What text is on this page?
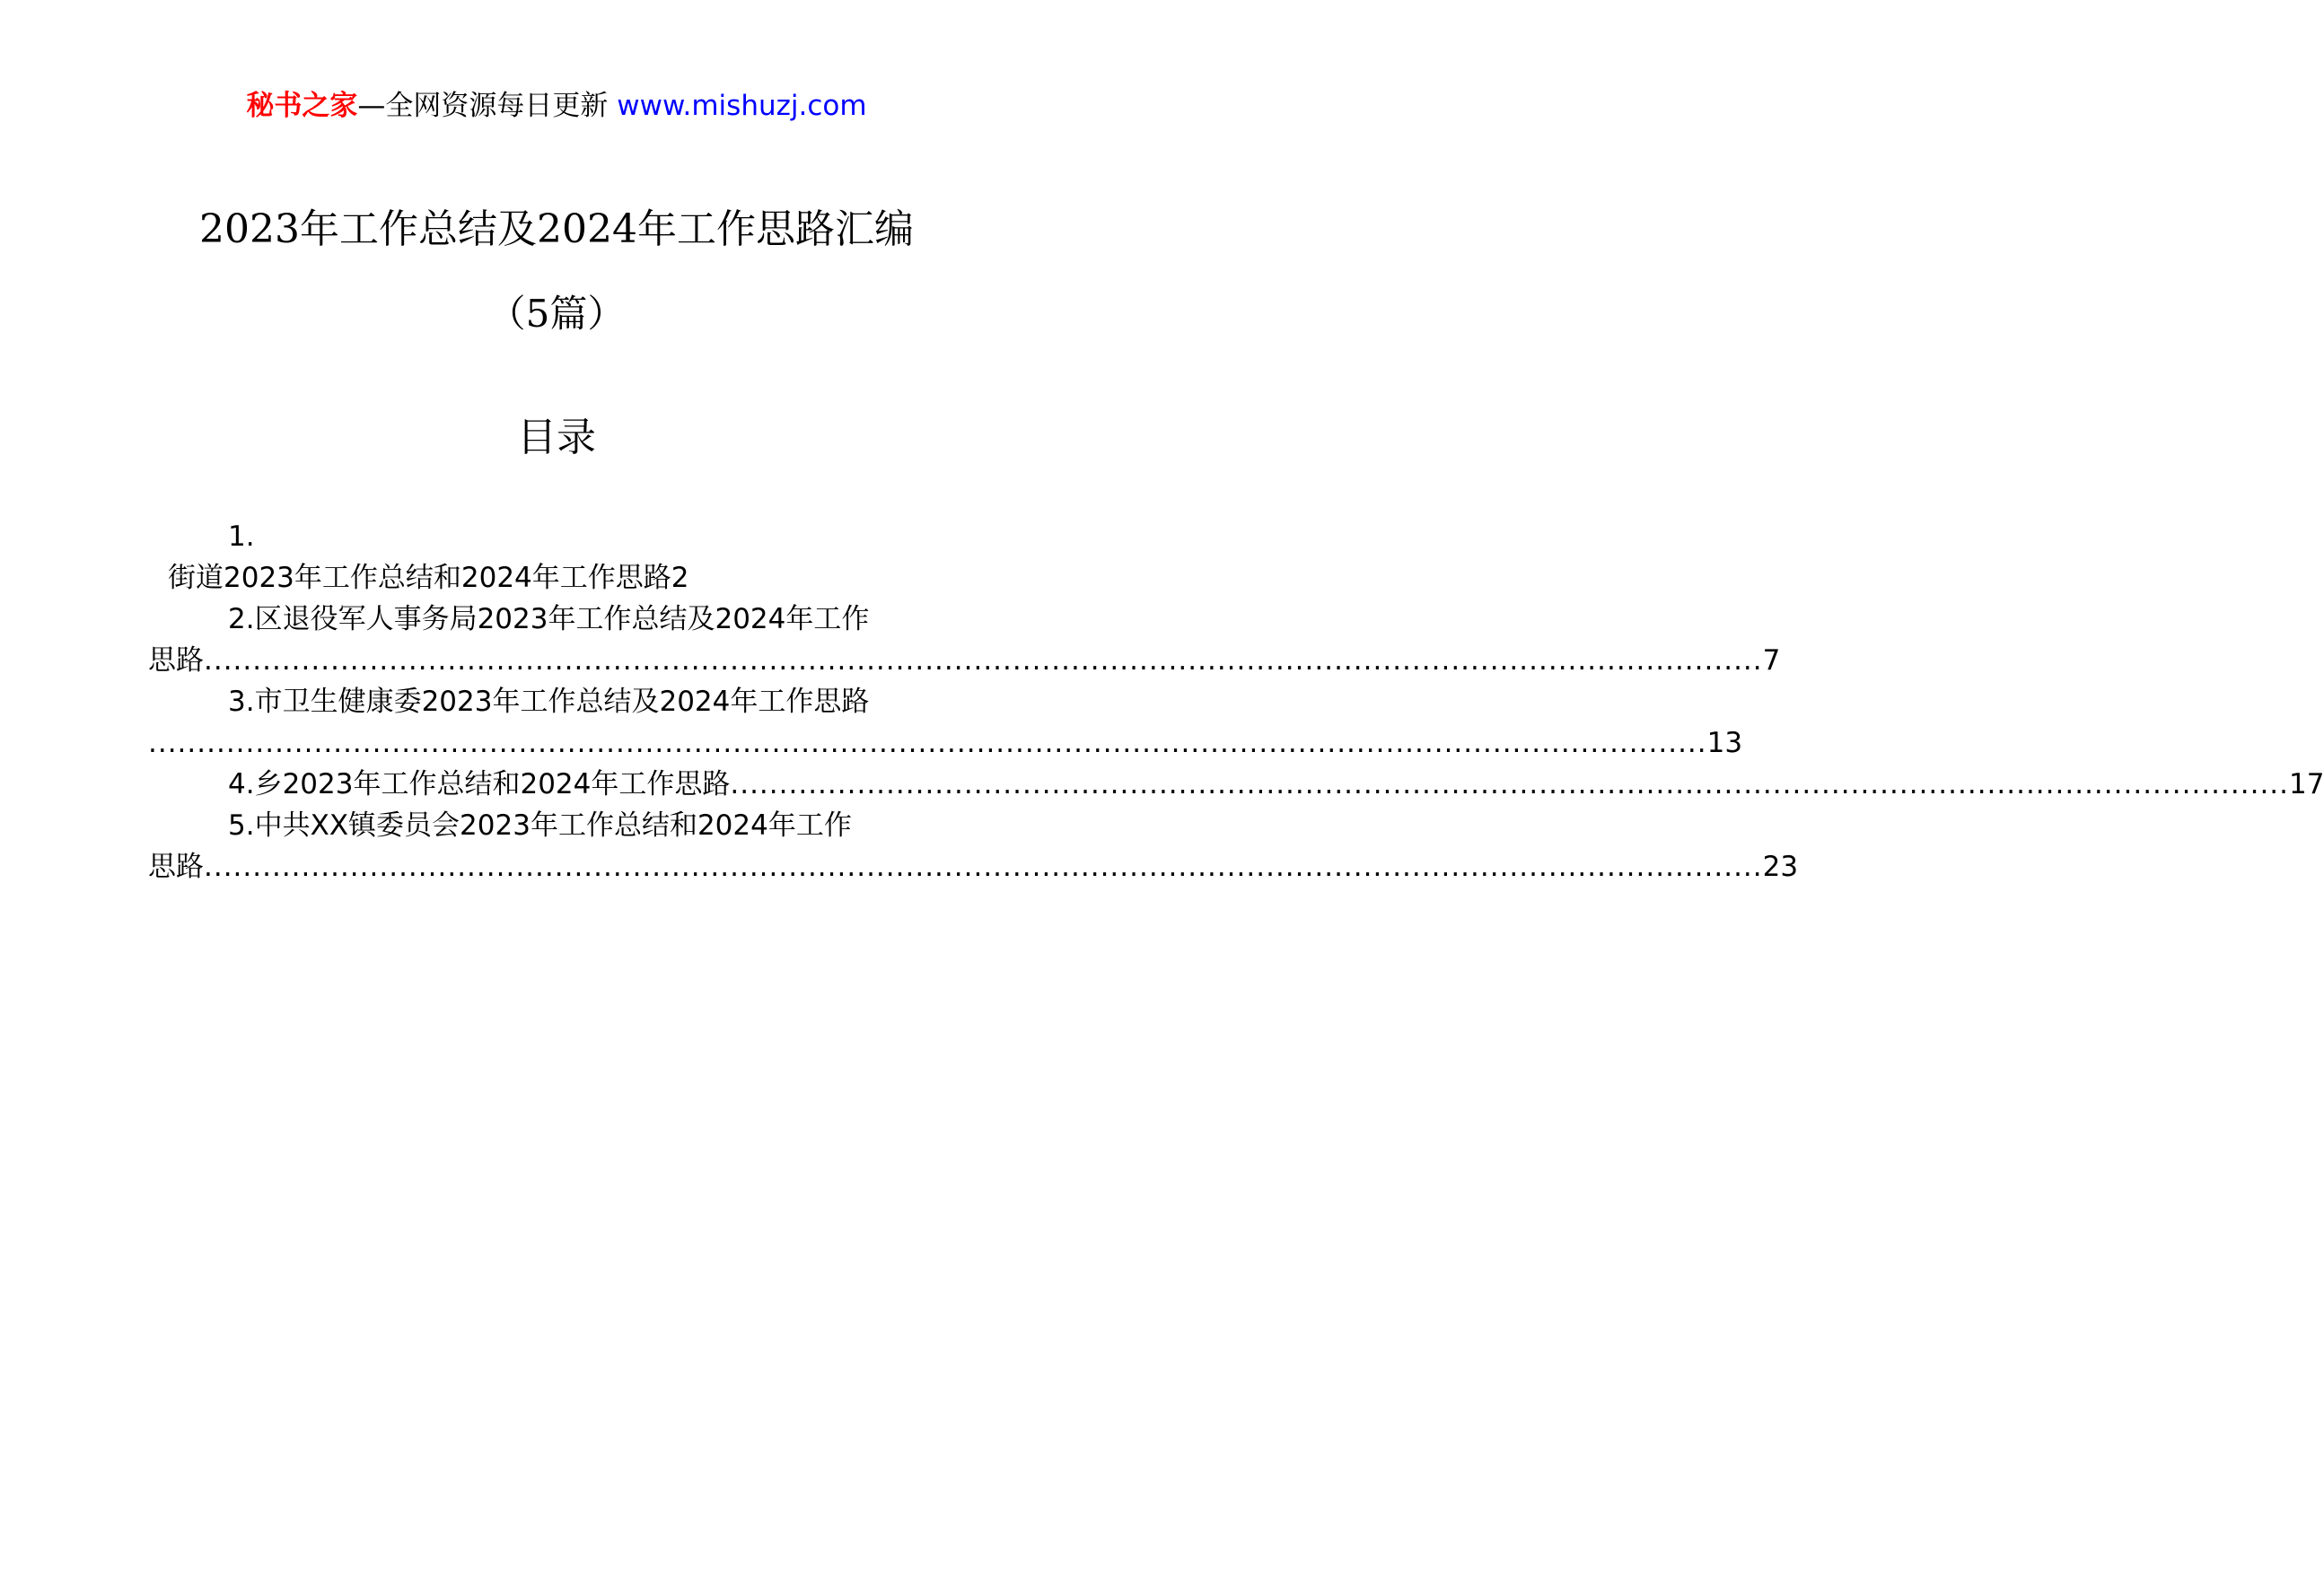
秘书之家—全网资源每日更新 www.mishuzj.com
2023年工作总结及2024年工作思路汇编
（5篇）
目录
1.
街道2023年工作总结和2024年工作思路2
2.区退役军人事务局2023年工作总结及2024年工作
思路 ................................................................................................................................................................ 7
3.市卫生健康委2023年工作总结及2024年工作思路
................................................................................................................................................................ 13
4. 乡2023年工作总结和2024年工作思路 ................................................................................................................................................................ 17
5.中共XX镇委员会2023年工作总结和2024年工作
思路 ................................................................................................................................................................ 23
